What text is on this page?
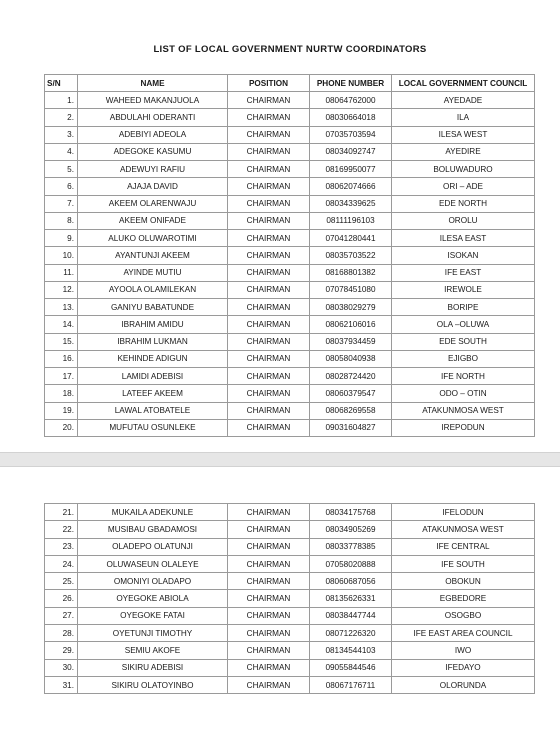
LIST OF LOCAL GOVERNMENT NURTW COORDINATORS
S/N	NAME	POSITION	PHONE NUMBER	LOCAL GOVERNMENT COUNCIL
1.	WAHEED MAKANJUOLA	CHAIRMAN	08064762000	AYEDADE
2.	ABDULAHI ODERANTI	CHAIRMAN	08030664018	ILA
3.	ADEBIYI ADEOLA	CHAIRMAN	07035703594	ILESA WEST
4.	ADEGOKE KASUMU	CHAIRMAN	08034092747	AYEDIRE
5.	ADEWUYI RAFIU	CHAIRMAN	08169950077	BOLUWADURO
6.	AJAJA DAVID	CHAIRMAN	08062074666	ORI – ADE
7.	AKEEM OLARENWAJU	CHAIRMAN	08034339625	EDE NORTH
8.	AKEEM ONIFADE	CHAIRMAN	08111196103	OROLU
9.	ALUKO OLUWAROTIMI	CHAIRMAN	07041280441	ILESA EAST
10.	AYANTUNJI AKEEM	CHAIRMAN	08035703522	ISOKAN
11.	AYINDE MUTIU	CHAIRMAN	08168801382	IFE EAST
12.	AYOOLA OLAMILEKAN	CHAIRMAN	07078451080	IREWOLE
13.	GANIYU BABATUNDE	CHAIRMAN	08038029279	BORIPE
14.	IBRAHIM AMIDU	CHAIRMAN	08062106016	OLA –OLUWA
15.	IBRAHIM LUKMAN	CHAIRMAN	08037934459	EDE SOUTH
16.	KEHINDE ADIGUN	CHAIRMAN	08058040938	EJIGBO
17.	LAMIDI ADEBISI	CHAIRMAN	08028724420	IFE NORTH
18.	LATEEF AKEEM	CHAIRMAN	08060379547	ODO – OTIN
19.	LAWAL ATOBATELE	CHAIRMAN	08068269558	ATAKUNMOSA WEST
20.	MUFUTAU OSUNLEKE	CHAIRMAN	09031604827	IREPODUN
21.	MUKAILA ADEKUNLE	CHAIRMAN	08034175768	IFELODUN
22.	MUSIBAU GBADAMOSI	CHAIRMAN	08034905269	ATAKUNMOSA WEST
23.	OLADEPO OLATUNJI	CHAIRMAN	08033778385	IFE CENTRAL
24.	OLUWASEUN OLALEYE	CHAIRMAN	07058020888	IFE SOUTH
25.	OMONIYI OLADAPO	CHAIRMAN	08060687056	OBOKUN
26.	OYEGOKE ABIOLA	CHAIRMAN	08135626331	EGBEDORE
27.	OYEGOKE FATAI	CHAIRMAN	08038447744	OSOGBO
28.	OYETUNJI TIMOTHY	CHAIRMAN	08071226320	IFE EAST AREA COUNCIL
29.	SEMIU AKOFE	CHAIRMAN	08134544103	IWO
30.	SIKIRU ADEBISI	CHAIRMAN	09055844546	IFEDAYO
31.	SIKIRU OLATOYINBO	CHAIRMAN	08067176711	OLORUNDA
